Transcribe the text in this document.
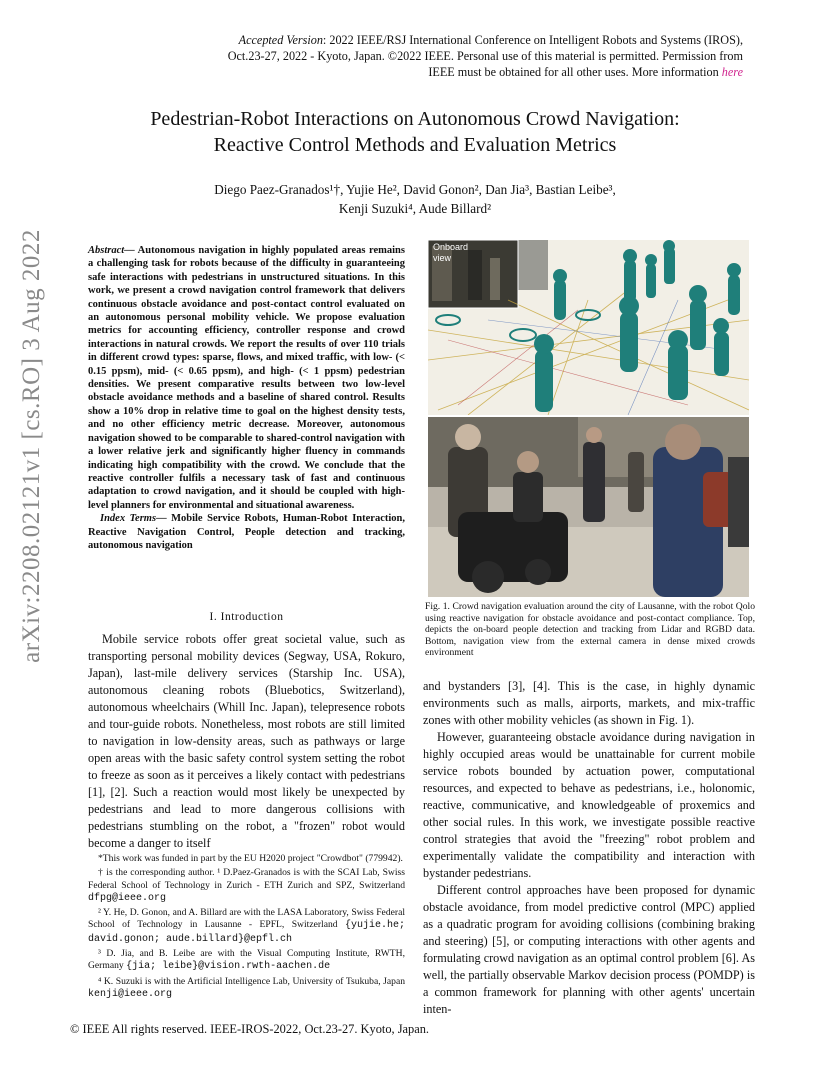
Accepted Version: 2022 IEEE/RSJ International Conference on Intelligent Robots and Systems (IROS),
Oct.23-27, 2022 - Kyoto, Japan. ©2022 IEEE. Personal use of this material is permitted. Permission from
IEEE must be obtained for all other uses. More information here
Pedestrian-Robot Interactions on Autonomous Crowd Navigation:
Reactive Control Methods and Evaluation Metrics
Diego Paez-Granados¹†, Yujie He², David Gonon², Dan Jia³, Bastian Leibe³,
Kenji Suzuki⁴, Aude Billard²
arXiv:2208.02121v1 [cs.RO] 3 Aug 2022	Abstract— Autonomous navigation in highly populated areas remains a challenging task for robots because of the difficulty in guaranteeing safe interactions with pedestrians in unstructured situations. In this work, we present a crowd navigation control framework that delivers continuous obstacle avoidance and post-contact control evaluated on an autonomous personal mobility vehicle. We propose evaluation metrics for accounting efficiency, controller response and crowd interactions in natural crowds. We report the results of over 110 trials in different crowd types: sparse, flows, and mixed traffic, with low- (< 0.15 ppsm), mid- (< 0.65 ppsm), and high- (< 1 ppsm) pedestrian densities. We present comparative results between two low-level obstacle avoidance methods and a baseline of shared control. Results show a 10% drop in relative time to goal on the highest density tests, and no other efficiency metric decrease. Moreover, autonomous navigation showed to be comparable to shared-control navigation with a lower relative jerk and significantly higher fluency in commands indicating high compatibility with the crowd. We conclude that the reactive controller fulfils a necessary task of fast and continuous adaptation to crowd navigation, and it should be coupled with high-level planners for environmental and situational awareness.
Index Terms— Mobile Service Robots, Human-Robot Interaction, Reactive Navigation Control, People detection and tracking, autonomous navigation
I. Introduction

Mobile service robots offer great societal value, such as transporting personal mobility devices (Segway, USA, Rokuro, Japan), last-mile delivery services (Starship Inc. USA), autonomous cleaning robots (Bluebotics, Switzerland), autonomous wheelchairs (Whill Inc. Japan), telepresence robots and tour-guide robots. Nonetheless, most robots are still limited to navigation in low-density areas, such as pathways or large open areas with the basic safety control system setting the robot to freeze as soon as it perceives a likely contact with pedestrians [1], [2]. Such a reaction would most likely be unexpected by pedestrians and lead to more dangerous collisions with pedestrians stumbling on the robot, a "frozen" robot would become a danger to itself

*This work was funded in part by the EU H2020 project "Crowdbot" (779942).

† is the corresponding author. ¹ D.Paez-Granados is with the SCAI Lab, Swiss Federal School of Technology in Zurich - ETH Zurich and SPZ, Switzerland dfpg@ieee.org

² Y. He, D. Gonon, and A. Billard are with the LASA Laboratory, Swiss Federal School of Technology in Lausanne - EPFL, Switzerland {yujie.he; david.gonon; aude.billard}@epfl.ch

³ D. Jia, and B. Leibe are with the Visual Computing Institute, RWTH, Germany {jia; leibe}@vision.rwth-aachen.de

⁴ K. Suzuki is with the Artificial Intelligence Lab, University of Tsukuba, Japan kenji@ieee.org

Onboard
view
Fig. 1. Crowd navigation evaluation around the city of Lausanne, with the robot Qolo using reactive navigation for obstacle avoidance and post-contact compliance. Top, depicts the on-board people detection and tracking from Lidar and RGBD data. Bottom, navigation view from the external camera in dense mixed crowds environment

and bystanders [3], [4]. This is the case, in highly dynamic environments such as malls, airports, markets, and mix-traffic zones with other mobility vehicles (as shown in Fig. 1).

However, guaranteeing obstacle avoidance during navigation in highly occupied areas would be unattainable for current mobile service robots bounded by actuation power, computational resources, and expected to behave as pedestrians, i.e., holonomic, reactive, communicative, and knowledgeable of proxemics and other social rules. In this work, we investigate possible reactive control strategies that avoid the "freezing" robot problem and experimentally validate the compatibility and interaction with bystander pedestrians.

Different control approaches have been proposed for dynamic obstacle avoidance, from model predictive control (MPC) applied as a quadratic program for avoiding collisions (combining braking and steering) [5], or computing interactions with other agents and formulating crowd navigation as an optimal control problem [6]. As well, the partially observable Markov decision process (POMDP) is a common framework for planning with other agents' uncertain inten-

© IEEE All rights reserved. IEEE-IROS-2022, Oct.23-27. Kyoto, Japan.
